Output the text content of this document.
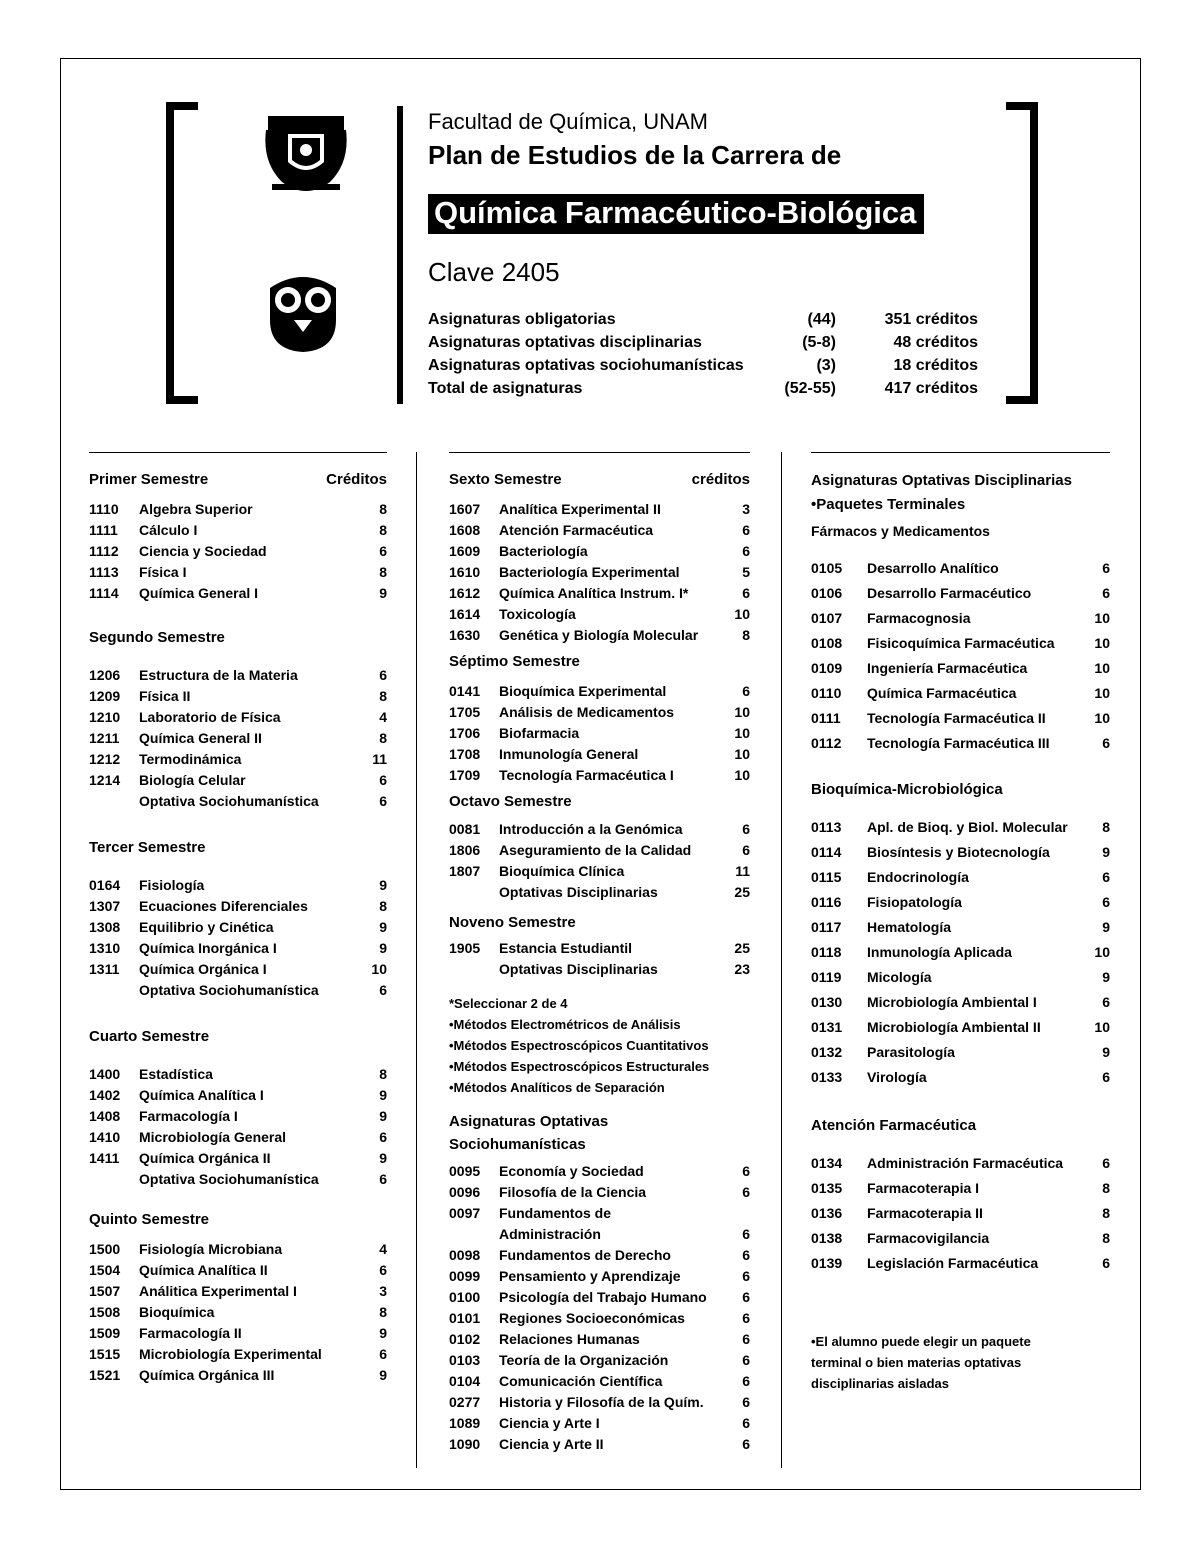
Facultad de Química, UNAM
Plan de Estudios de la Carrera de
Química Farmacéutico-Biológica
Clave 2405
Asignaturas obligatorias	(44)	351 créditos
Asignaturas optativas disciplinarias	(5-8)	48 créditos
Asignaturas optativas sociohumanísticas	(3)	18 créditos
Total de asignaturas	(52-55)	417 créditos
Primer Semestre	Créditos
1110	Algebra Superior	8
1111	Cálculo I	8
1112	Ciencia y Sociedad	6
1113	Física I	8
1114	Química General I	9
Segundo Semestre
1206	Estructura de la Materia	6
1209	Física II	8
1210	Laboratorio de Física	4
1211	Química General II	8
1212	Termodinámica	11
1214	Biología Celular	6
Optativa Sociohumanística	6
Tercer Semestre
0164	Fisiología	9
1307	Ecuaciones Diferenciales	8
1308	Equilibrio y Cinética	9
1310	Química Inorgánica I	9
1311	Química Orgánica I	10
Optativa Sociohumanística	6
Cuarto Semestre
1400	Estadística	8
1402	Química Analítica I	9
1408	Farmacología I	9
1410	Microbiología General	6
1411	Química Orgánica II	9
Optativa Sociohumanística	6
Quinto Semestre
1500	Fisiología Microbiana	4
1504	Química Analítica II	6
1507	Análitica Experimental I	3
1508	Bioquímica	8
1509	Farmacología II	9
1515	Microbiología Experimental	6
1521	Química Orgánica III	9
Sexto Semestre	créditos
1607	Analítica Experimental II	3
1608	Atención Farmacéutica	6
1609	Bacteriología	6
1610	Bacteriología Experimental	5
1612	Química Analítica Instrum. I*	6
1614	Toxicología	10
1630	Genética y Biología Molecular	8
Séptimo Semestre
0141	Bioquímica Experimental	6
1705	Análisis de Medicamentos	10
1706	Biofarmacia	10
1708	Inmunología General	10
1709	Tecnología Farmacéutica I	10
Octavo Semestre
0081	Introducción a la Genómica	6
1806	Aseguramiento de la Calidad	6
1807	Bioquímica Clínica	11
Optativas Disciplinarias	25
Noveno Semestre
1905	Estancia Estudiantil	25
Optativas Disciplinarias	23
*Seleccionar 2 de 4
•Métodos Electrométricos de Análisis
•Métodos Espectroscópicos Cuantitativos
•Métodos Espectroscópicos Estructurales
•Métodos Analíticos de Separación
Asignaturas Optativas
Sociohumanísticas
0095	Economía y Sociedad	6
0096	Filosofía de la Ciencia	6
0097	Fundamentos de
Administración	6
0098	Fundamentos de Derecho	6
0099	Pensamiento y Aprendizaje	6
0100	Psicología del Trabajo Humano	6
0101	Regiones Socioeconómicas	6
0102	Relaciones Humanas	6
0103	Teoría de la Organización	6
0104	Comunicación Científica	6
0277	Historia y Filosofía de la Quím.	6
1089	Ciencia y Arte I	6
1090	Ciencia y Arte II	6
Asignaturas Optativas Disciplinarias
•Paquetes Terminales
Fármacos y Medicamentos
0105	Desarrollo Analítico	6
0106	Desarrollo Farmacéutico	6
0107	Farmacognosia	10
0108	Fisicoquímica Farmacéutica	10
0109	Ingeniería Farmacéutica	10
0110	Química Farmacéutica	10
0111	Tecnología Farmacéutica II	10
0112	Tecnología Farmacéutica III	6
Bioquímica-Microbiológica
0113	Apl. de Bioq. y Biol. Molecular	8
0114	Biosíntesis y Biotecnología	9
0115	Endocrinología	6
0116	Fisiopatología	6
0117	Hematología	9
0118	Inmunología Aplicada	10
0119	Micología	9
0130	Microbiología Ambiental I	6
0131	Microbiología Ambiental II	10
0132	Parasitología	9
0133	Virología	6
Atención Farmacéutica
0134	Administración Farmacéutica	6
0135	Farmacoterapia I	8
0136	Farmacoterapia II	8
0138	Farmacovigilancia	8
0139	Legislación Farmacéutica	6
•El alumno puede elegir un paquete
terminal o bien materias optativas
disciplinarias aisladas
